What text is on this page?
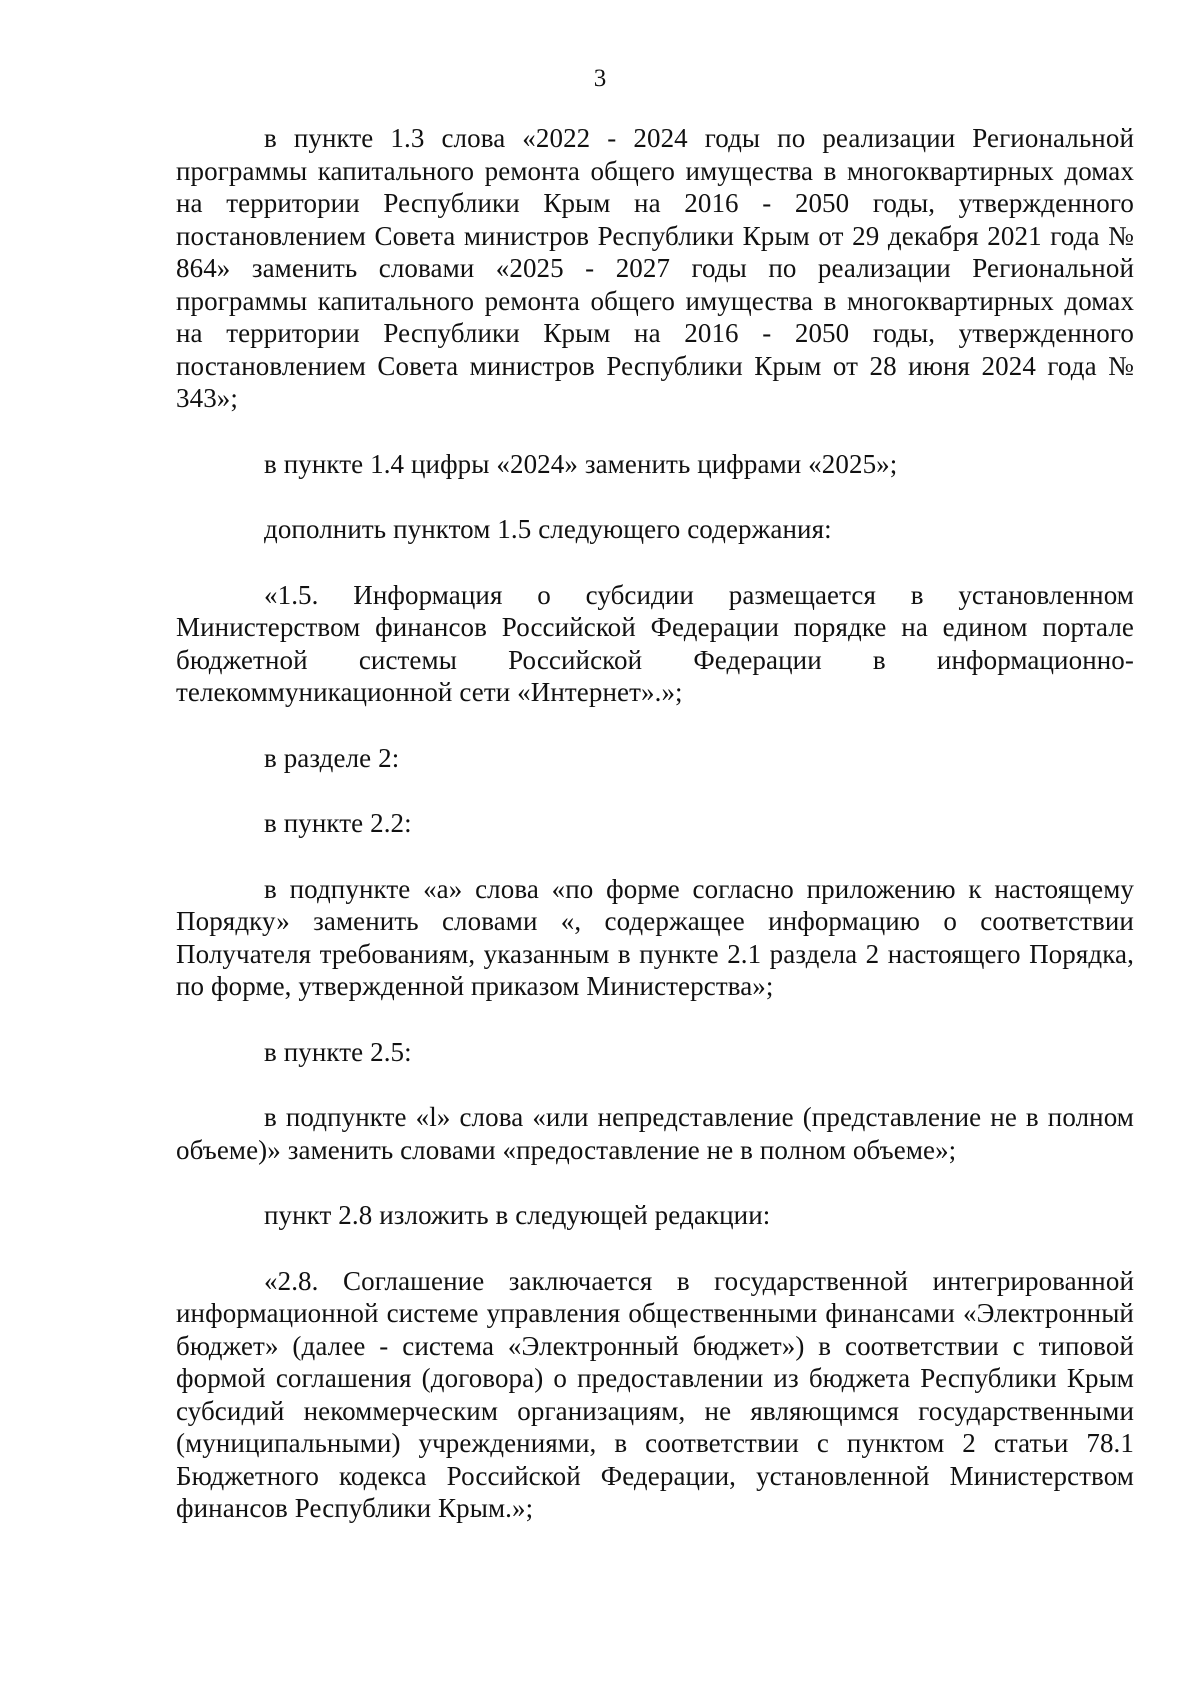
3

в пункте 1.3 слова «2022 - 2024 годы по реализации Региональной программы капитального ремонта общего имущества в многоквартирных домах на территории Республики Крым на 2016 - 2050 годы, утвержденного постановлением Совета министров Республики Крым от 29 декабря 2021 года № 864» заменить словами «2025 - 2027 годы по реализации Региональной программы капитального ремонта общего имущества в многоквартирных домах на территории Республики Крым на 2016 - 2050 годы, утвержденного постановлением Совета министров Республики Крым от 28 июня 2024 года № 343»;

в пункте 1.4 цифры «2024» заменить цифрами «2025»;

дополнить пунктом 1.5 следующего содержания:

«1.5. Информация о субсидии размещается в установленном Министерством финансов Российской Федерации порядке на едином портале бюджетной системы Российской Федерации в информационно-телекоммуникационной сети «Интернет».»;

в разделе 2:

в пункте 2.2:

в подпункте «а» слова «по форме согласно приложению к настоящему Порядку» заменить словами «, содержащее информацию о соответствии Получателя требованиям, указанным в пункте 2.1 раздела 2 настоящего Порядка, по форме, утвержденной приказом Министерства»;

в пункте 2.5:

в подпункте «l» слова «или непредставление (представление не в полном объеме)» заменить словами «предоставление не в полном объеме»;

пункт 2.8 изложить в следующей редакции:

«2.8. Соглашение заключается в государственной интегрированной информационной системе управления общественными финансами «Электронный бюджет» (далее - система «Электронный бюджет») в соответствии с типовой формой соглашения (договора) о предоставлении из бюджета Республики Крым субсидий некоммерческим организациям, не являющимся государственными (муниципальными) учреждениями, в соответствии с пунктом 2 статьи 78.1 Бюджетного кодекса Российской Федерации, установленной Министерством финансов Республики Крым.»;
